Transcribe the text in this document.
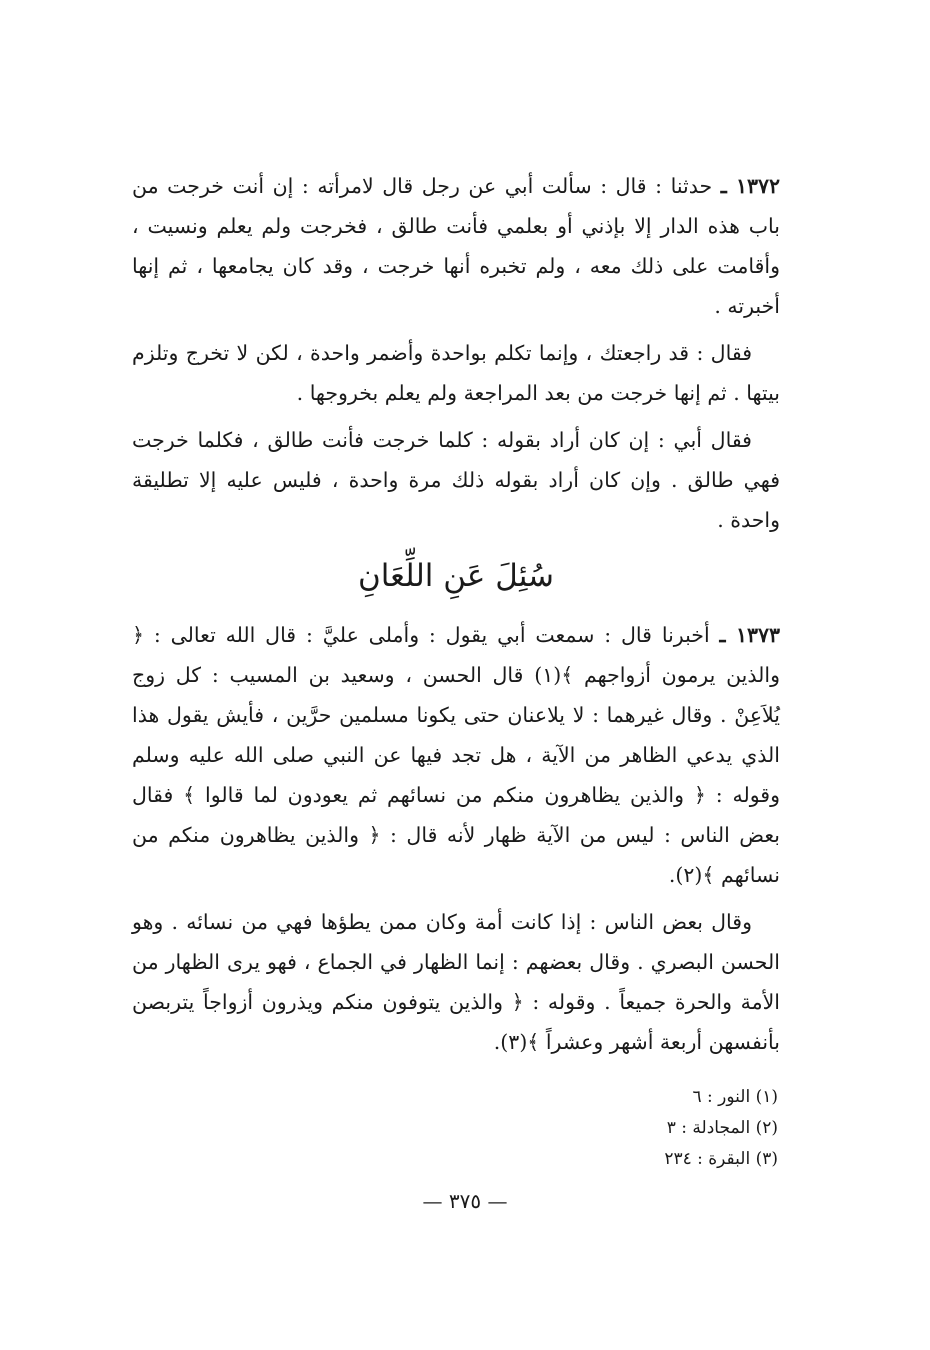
١٣٧٢ ـ حدثنا : قال : سألت أبي عن رجل قال لامرأته : إن أنت خرجت من باب هذه الدار إلا بإذني أو بعلمي فأنت طالق ، فخرجت ولم يعلم ونسيت ، وأقامت على ذلك معه ، ولم تخبره أنها خرجت ، وقد كان يجامعها ، ثم إنها أخبرته .

فقال : قد راجعتك ، وإنما تكلم بواحدة وأضمر واحدة ، لكن لا تخرج وتلزم بيتها . ثم إنها خرجت من بعد المراجعة ولم يعلم بخروجها .

فقال أبي : إن كان أراد بقوله : كلما خرجت فأنت طالق ، فكلما خرجت فهي طالق . وإن كان أراد بقوله ذلك مرة واحدة ، فليس عليه إلا تطليقة واحدة .

سُئِلَ عَنِ اللِّعَانِ

١٣٧٣ ـ أخبرنا قال : سمعت أبي يقول : وأملى عليَّ : قال الله تعالى : ﴿ والذين يرمون أزواجهم ﴾(١) قال الحسن ، وسعيد بن المسيب : كل زوج يُلاَعِنْ . وقال غيرهما : لا يلاعنان حتى يكونا مسلمين حرَّين ، فأيش يقول هذا الذي يدعي الظاهر من الآية ، هل تجد فيها عن النبي صلى الله عليه وسلم وقوله : ﴿ والذين يظاهرون منكم من نسائهم ثم يعودون لما قالوا ﴾ فقال بعض الناس : ليس من الآية ظهار لأنه قال : ﴿ والذين يظاهرون منكم من نسائهم ﴾(٢).

وقال بعض الناس : إذا كانت أمة وكان ممن يطؤها فهي من نسائه . وهو الحسن البصري . وقال بعضهم : إنما الظهار في الجماع ، فهو يرى الظهار من الأمة والحرة جميعاً . وقوله : ﴿ والذين يتوفون منكم ويذرون أزواجاً يتربصن بأنفسهن أربعة أشهر وعشراً ﴾(٣).

(١) النور : ٦
(٢) المجادلة : ٣
(٣) البقرة : ٢٣٤
— ٣٧٥ —
